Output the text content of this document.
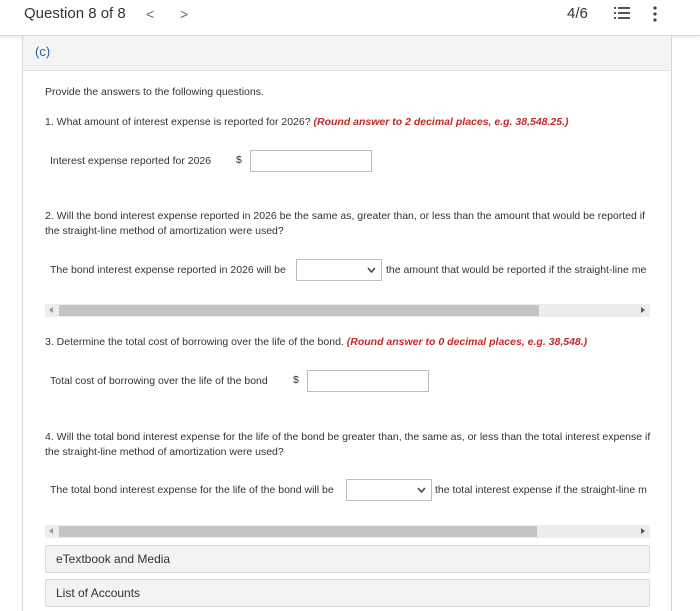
Question 8 of 8 < >	4/6
(c)
Provide the answers to the following questions.
1. What amount of interest expense is reported for 2026? (Round answer to 2 decimal places, e.g. 38,548.25.)
Interest expense reported for 2026 $
2. Will the bond interest expense reported in 2026 be the same as, greater than, or less than the amount that would be reported if the straight-line method of amortization were used?
The bond interest expense reported in 2026 will be	the amount that would be reported if the straight-line me
3. Determine the total cost of borrowing over the life of the bond. (Round answer to 0 decimal places, e.g. 38,548.)
Total cost of borrowing over the life of the bond $
4. Will the total bond interest expense for the life of the bond be greater than, the same as, or less than the total interest expense if the straight-line method of amortization were used?
The total bond interest expense for the life of the bond will be	the total interest expense if the straight-line m
eTextbook and Media
List of Accounts
